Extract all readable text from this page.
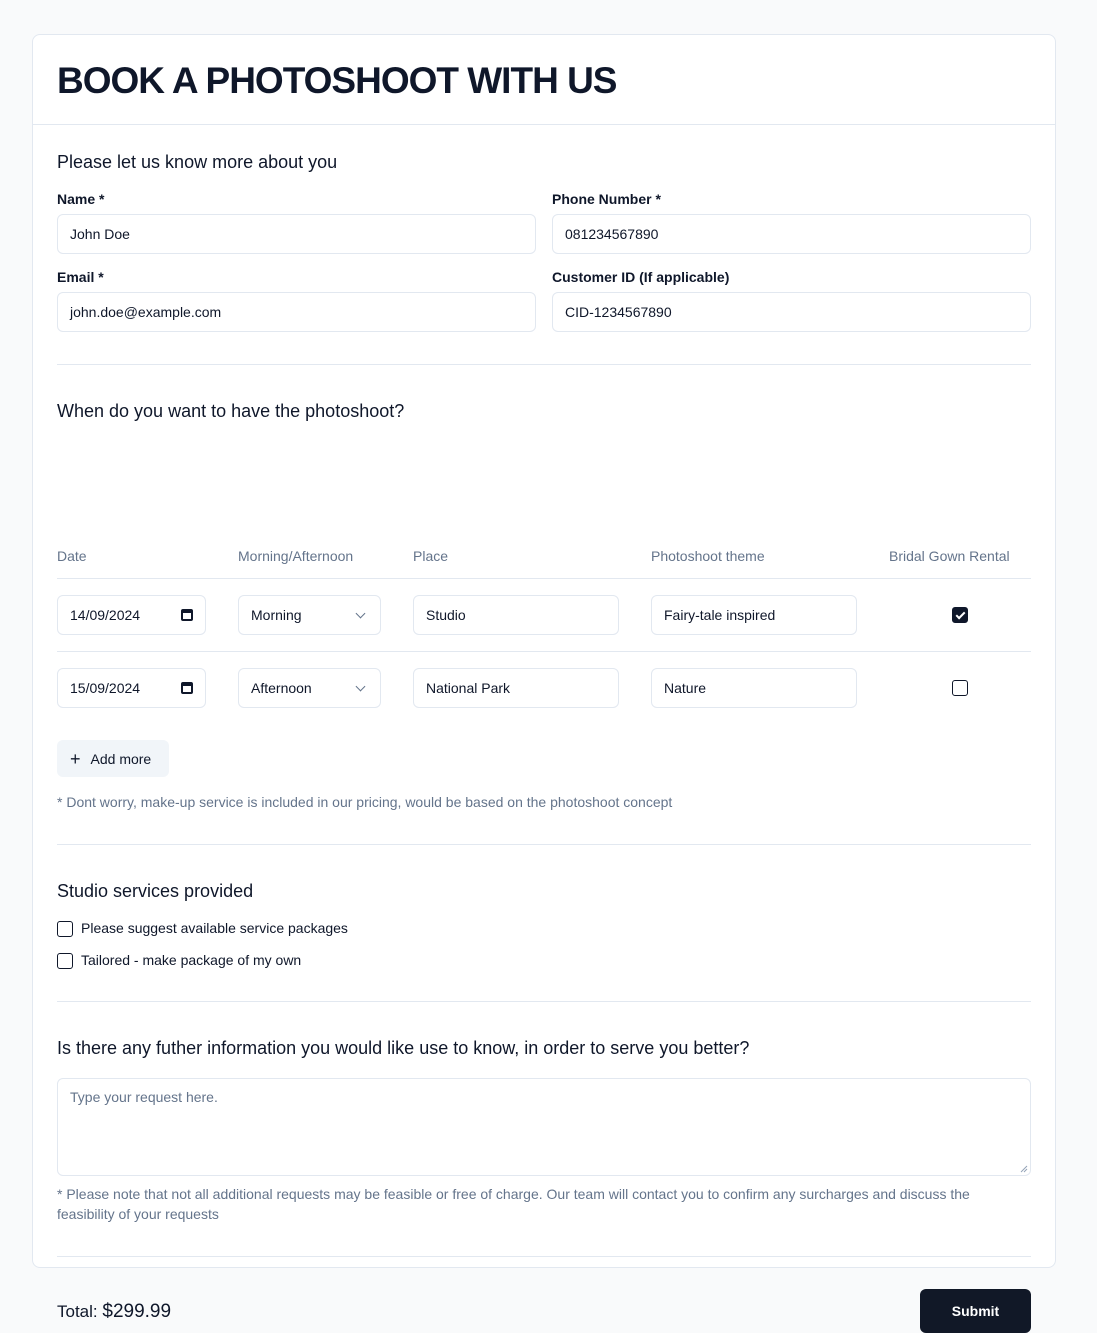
BOOK A PHOTOSHOOT WITH US
Please let us know more about you
Name *
John Doe
Phone Number *
081234567890
Email *
john.doe@example.com
Customer ID (If applicable)
CID-1234567890
When do you want to have the photoshoot?
Date	Morning/Afternoon	Place	Photoshoot theme	Bridal Gown Rental
14/09/2024	Morning	Studio	Fairy-tale inspired
15/09/2024	Afternoon	National Park	Nature
+ Add more
* Dont worry, make-up service is included in our pricing, would be based on the photoshoot concept
Studio services provided
Please suggest available service packages
Tailored - make package of my own
Is there any futher information you would like use to know, in order to serve you better?
Type your request here.
* Please note that not all additional requests may be feasible or free of charge. Our team will contact you to confirm any surcharges and discuss the feasibility of your requests
Total: $299.99	Submit
